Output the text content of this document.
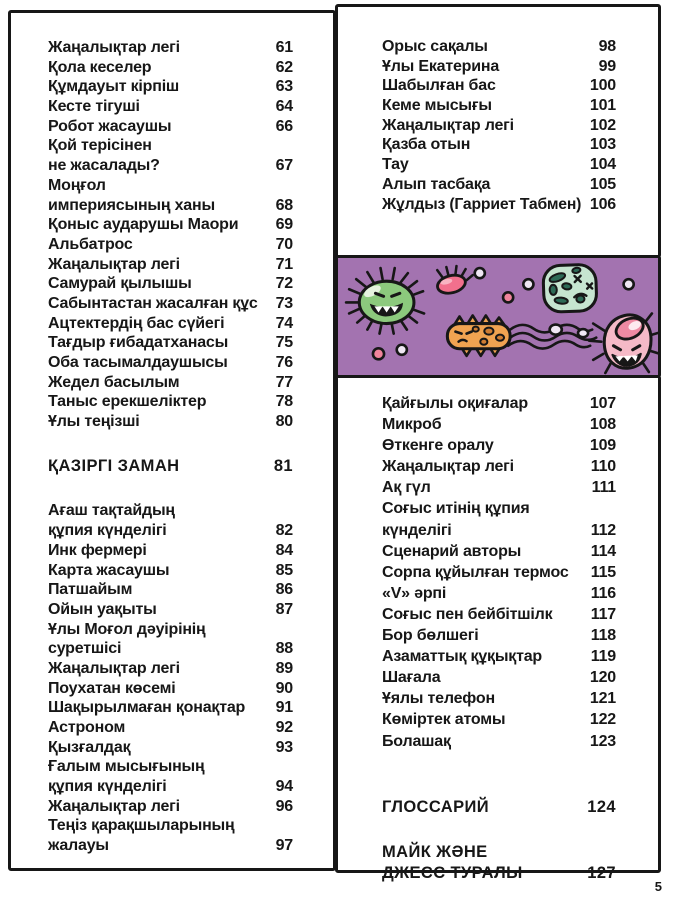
Жаңалықтар легі	61
Қола кеселер	62
Құмдауыт кірпіш	63
Кесте тігуші	64
Робот жасаушы	66
Қой терісінен
не жасалады?	67
Моңғол
империясының ханы	68
Қоныс аударушы Маори	69
Альбатрос	70
Жаңалықтар легі	71
Самурай қылышы	72
Сабынтастан жасалған құс	73
Ацтектердің бас сүйегі	74
Тағдыр ғибадатханасы	75
Оба тасымалдаушысы	76
Жедел басылым	77
Таныс ерекшеліктер	78
Ұлы теңізші	80
ҚАЗІРГІ ЗАМАН	81
Ағаш тақтайдың
құпия күнделігі	82
Инк фермері	84
Карта жасаушы	85
Патшайым	86
Ойын уақыты	87
Ұлы Моғол дәуірінің
суретшісі	88
Жаңалықтар легі	89
Поухатан көсемі	90
Шақырылмаған қонақтар	91
Астроном	92
Қызғалдақ	93
Ғалым мысығының
құпия күнделігі	94
Жаңалықтар легі	96
Теңіз қарақшыларының
жалауы	97
Орыс сақалы	98
Ұлы Екатерина	99
Шабылған бас	100
Кеме мысығы	101
Жаңалықтар легі	102
Қазба отын	103
Тау	104
Алып тасбақа	105
Жұлдыз (Гарриет Табмен) 106
Қайғылы оқиғалар	107
Микроб	108
Өткенге оралу	109
Жаңалықтар легі	110
Ақ гүл	111
Соғыс итінің құпия
күнделігі	112
Сценарий авторы	114
Сорпа құйылған термос	115
«V» әрпі	116
Соғыс пен бейбітшілк	117
Бор бөлшегі	118
Азаматтық құқықтар	119
Шағала	120
Ұялы телефон	121
Көміртек атомы	122
Болашақ	123
ГЛОССАРИЙ	124
МАЙК ЖӘНЕ
ДЖЕСС ТУРАЛЫ	127
5
